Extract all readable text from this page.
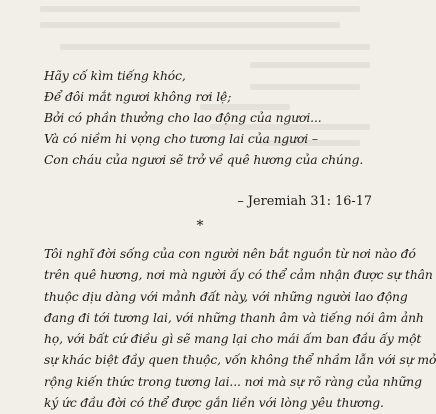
Hãy cố kìm tiếng khóc,
Để đôi mắt ngươi không rơi lệ;
Bởi có phần thưởng cho lao động của ngươi...
Và có niềm hi vọng cho tương lai của ngươi –
Con cháu của ngươi sẽ trở về quê hương của chúng.
– Jeremiah 31: 16-17
*
Tôi nghĩ đời sống của con người nên bắt nguồn từ nơi nào đó
trên quê hương, nơi mà người ấy có thể cảm nhận được sự thân
thuộc dịu dàng với mảnh đất này, với những người lao động
đang đi tới tương lai, với những thanh âm và tiếng nói âm ảnh
họ, với bất cứ điều gì sẽ mang lại cho mái ấm ban đầu ấy một
sự khác biệt đầy quen thuộc, vốn không thể nhầm lẫn với sự mở
rộng kiến thức trong tương lai... nơi mà sự rõ ràng của những
ký ức đầu đời có thể được gắn liền với lòng yêu thương.
